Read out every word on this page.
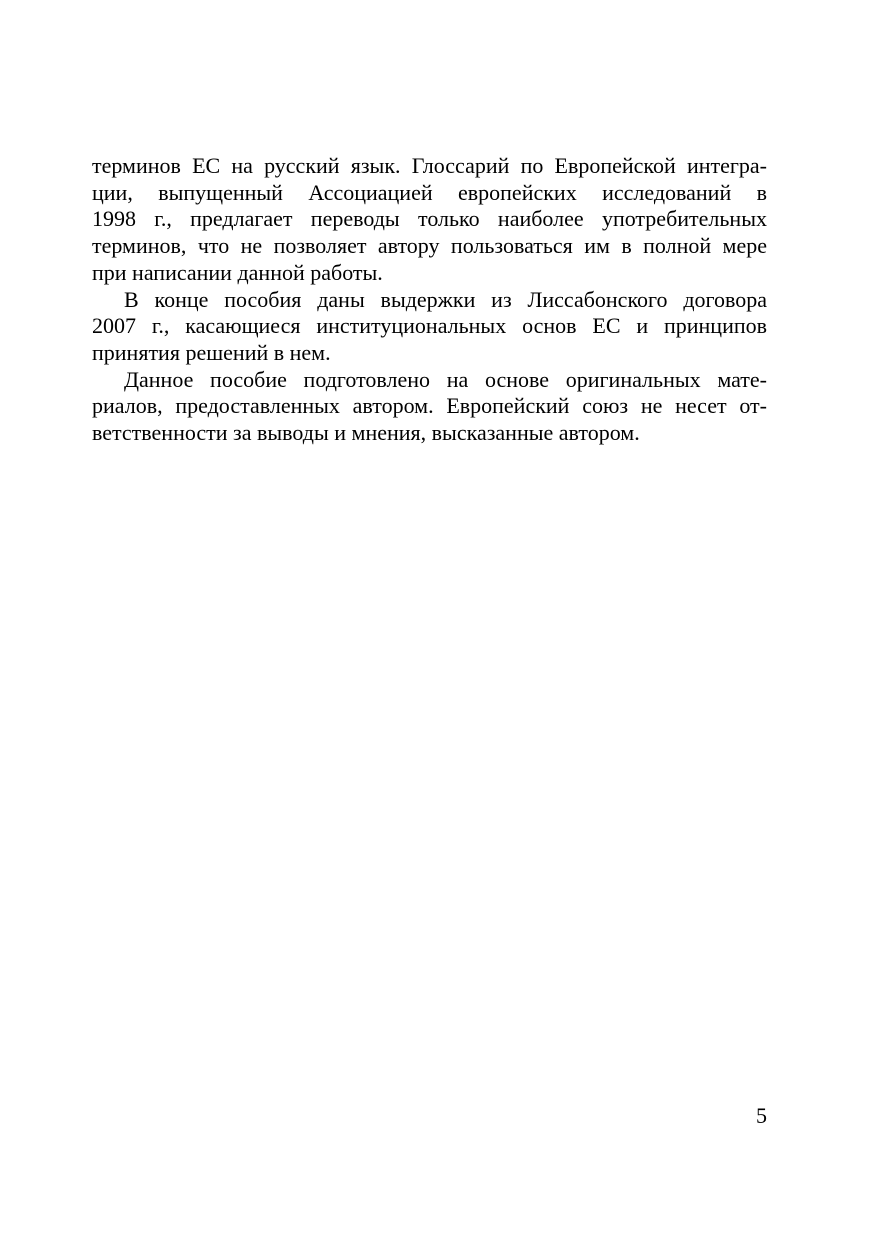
терминов ЕС на русский язык. Глоссарий по Европейской интегра-
ции, выпущенный Ассоциацией европейских исследований в
1998 г., предлагает переводы только наиболее употребительных
терминов, что не позволяет автору пользоваться им в полной мере
при написании данной работы.
В конце пособия даны выдержки из Лиссабонского договора
2007 г., касающиеся институциональных основ ЕС и принципов
принятия решений в нем.
Данное пособие подготовлено на основе оригинальных мате-
риалов, предоставленных автором. Европейский союз не несет от-
ветственности за выводы и мнения, высказанные автором.
5
